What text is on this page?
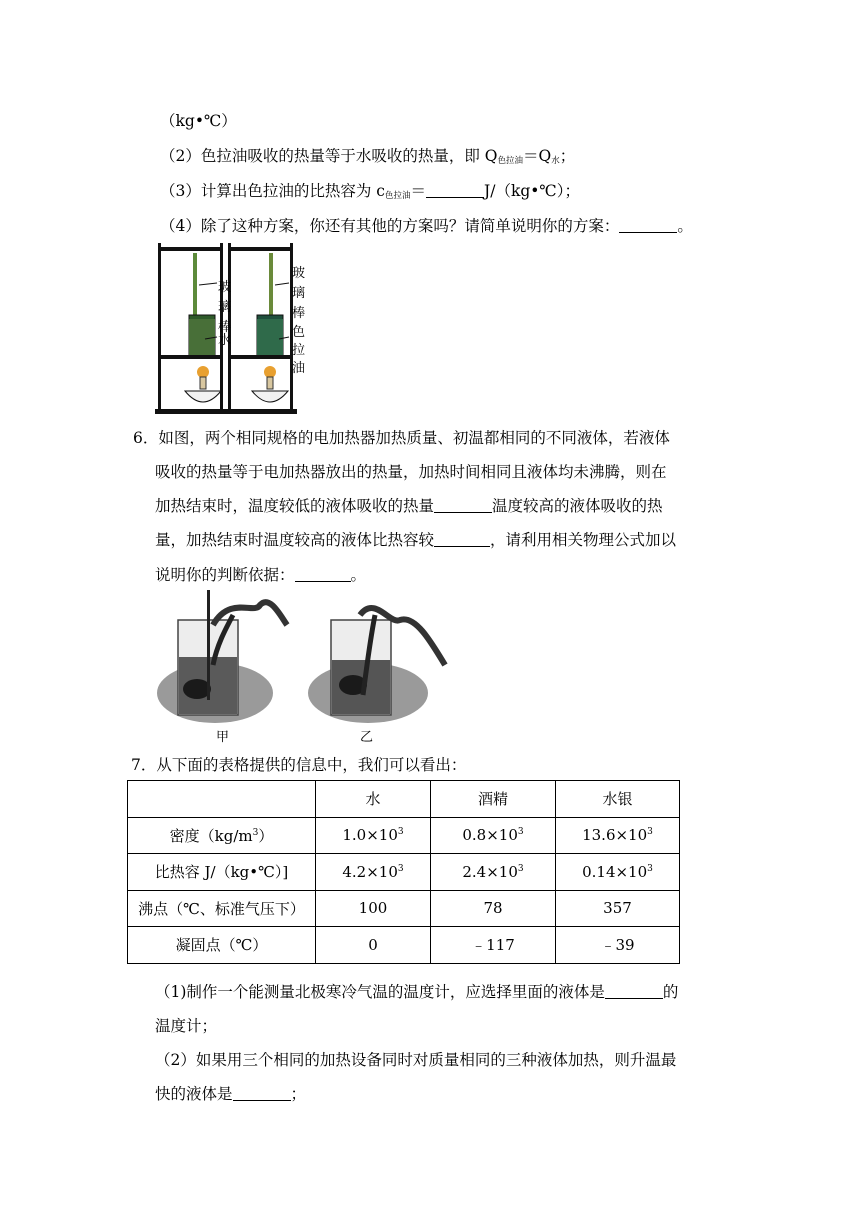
（kg•℃）
（2）色拉油吸收的热量等于水吸收的热量，即 $Q_{色拉油}=Q_水$；
（3）计算出色拉油的比热容为 $c_{色拉油}=$	J/（kg•℃）；
（4）除了这种方案，你还有其他的方案吗？请简单说明你的方案：	。
玻璃棒
水
玻璃棒
色拉油
6．如图，两个相同规格的电加热器加热质量、初温都相同的不同液体，若液体
吸收的热量等于电加热器放出的热量，加热时间相同且液体均未沸腾，则在
加热结束时，温度较低的液体吸收的热量	温度较高的液体吸收的热
量，加热结束时温度较高的液体比热容较	，请利用相关物理公式加以
说明你的判断依据：	。
甲	乙
7．从下面的表格提供的信息中，我们可以看出：
	水	酒精	水银
密度$(kg/m^3)$	$1.0\times 10^3$	$0.8\times 10^3$	$13.6\times 10^3$
比热容 J/（kg•℃）]	$4.2\times 10^3$	$2.4\times 10^3$	$0.14\times 10^3$
沸点（℃、标准气压下）	100	78	357
凝固点（℃）	0	﹣117	﹣39
（1)制作一个能测量北极寒冷气温的温度计，应选择里面的液体是	的
温度计；
（2）如果用三个相同的加热设备同时对质量相同的三种液体加热，则升温最
快的液体是	；
